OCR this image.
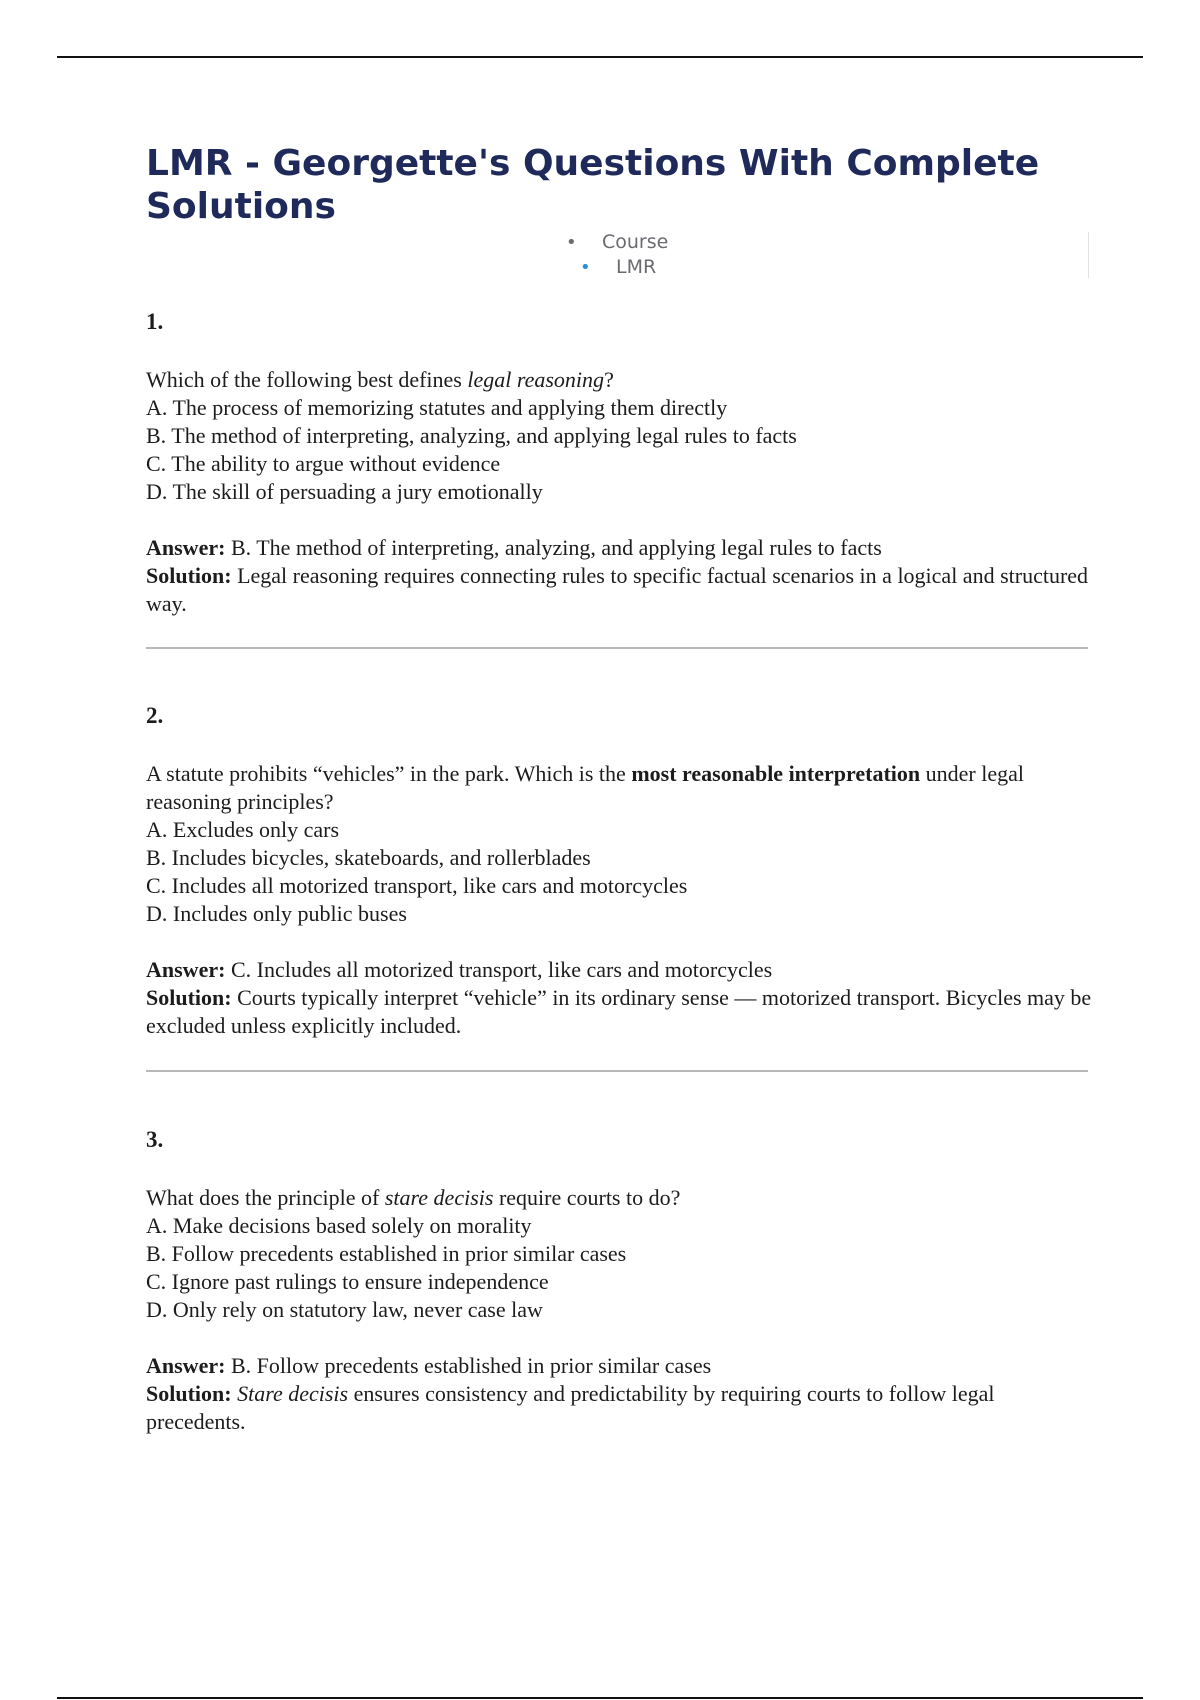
LMR - Georgette's Questions With Complete Solutions
• Course
• LMR
1.
Which of the following best defines legal reasoning?
A. The process of memorizing statutes and applying them directly
B. The method of interpreting, analyzing, and applying legal rules to facts
C. The ability to argue without evidence
D. The skill of persuading a jury emotionally
Answer: B. The method of interpreting, analyzing, and applying legal rules to facts
Solution: Legal reasoning requires connecting rules to specific factual scenarios in a logical and structured way.
2.
A statute prohibits “vehicles” in the park. Which is the most reasonable interpretation under legal reasoning principles?
A. Excludes only cars
B. Includes bicycles, skateboards, and rollerblades
C. Includes all motorized transport, like cars and motorcycles
D. Includes only public buses
Answer: C. Includes all motorized transport, like cars and motorcycles
Solution: Courts typically interpret “vehicle” in its ordinary sense — motorized transport. Bicycles may be excluded unless explicitly included.
3.
What does the principle of stare decisis require courts to do?
A. Make decisions based solely on morality
B. Follow precedents established in prior similar cases
C. Ignore past rulings to ensure independence
D. Only rely on statutory law, never case law
Answer: B. Follow precedents established in prior similar cases
Solution: Stare decisis ensures consistency and predictability by requiring courts to follow legal precedents.
